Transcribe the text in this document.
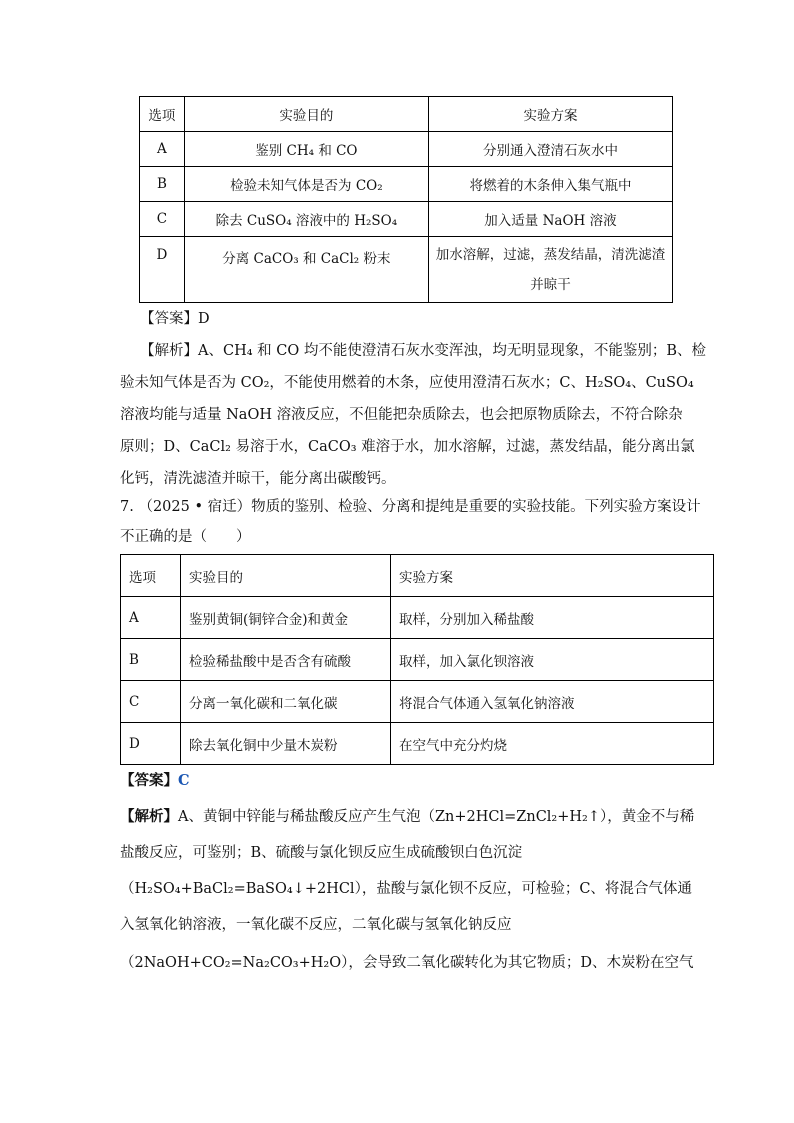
选项	实验目的	实验方案
A	鉴别 CH₄ 和 CO	分别通入澄清石灰水中
B	检验未知气体是否为 CO₂	将燃着的木条伸入集气瓶中
C	除去 CuSO₄ 溶液中的 H₂SO₄	加入适量 NaOH 溶液
D	分离 CaCO₃ 和 CaCl₂ 粉末	加水溶解，过滤，蒸发结晶，清洗滤渣
并晾干
【答案】D
【解析】A、CH₄ 和 CO 均不能使澄清石灰水变浑浊，均无明显现象，不能鉴别；B、检
验未知气体是否为 CO₂，不能使用燃着的木条，应使用澄清石灰水；C、H₂SO₄、CuSO₄
溶液均能与适量 NaOH 溶液反应，不但能把杂质除去，也会把原物质除去，不符合除杂
原则；D、CaCl₂ 易溶于水，CaCO₃ 难溶于水，加水溶解，过滤，蒸发结晶，能分离出氯
化钙，清洗滤渣并晾干，能分离出碳酸钙。
7. （2025 • 宿迁）物质的鉴别、检验、分离和提纯是重要的实验技能。下列实验方案设计
不正确的是（　　）
选项	实验目的	实验方案
A	鉴别黄铜(铜锌合金)和黄金	取样，分别加入稀盐酸
B	检验稀盐酸中是否含有硫酸	取样，加入氯化钡溶液
C	分离一氧化碳和二氧化碳	将混合气体通入氢氧化钠溶液
D	除去氧化铜中少量木炭粉	在空气中充分灼烧
【答案】C
【解析】A、黄铜中锌能与稀盐酸反应产生气泡（Zn+2HCl=ZnCl₂+H₂↑），黄金不与稀
盐酸反应，可鉴别；B、硫酸与氯化钡反应生成硫酸钡白色沉淀
（H₂SO₄+BaCl₂=BaSO₄↓+2HCl），盐酸与氯化钡不反应，可检验；C、将混合气体通
入氢氧化钠溶液，一氧化碳不反应，二氧化碳与氢氧化钠反应
（2NaOH+CO₂=Na₂CO₃+H₂O），会导致二氧化碳转化为其它物质；D、木炭粉在空气
